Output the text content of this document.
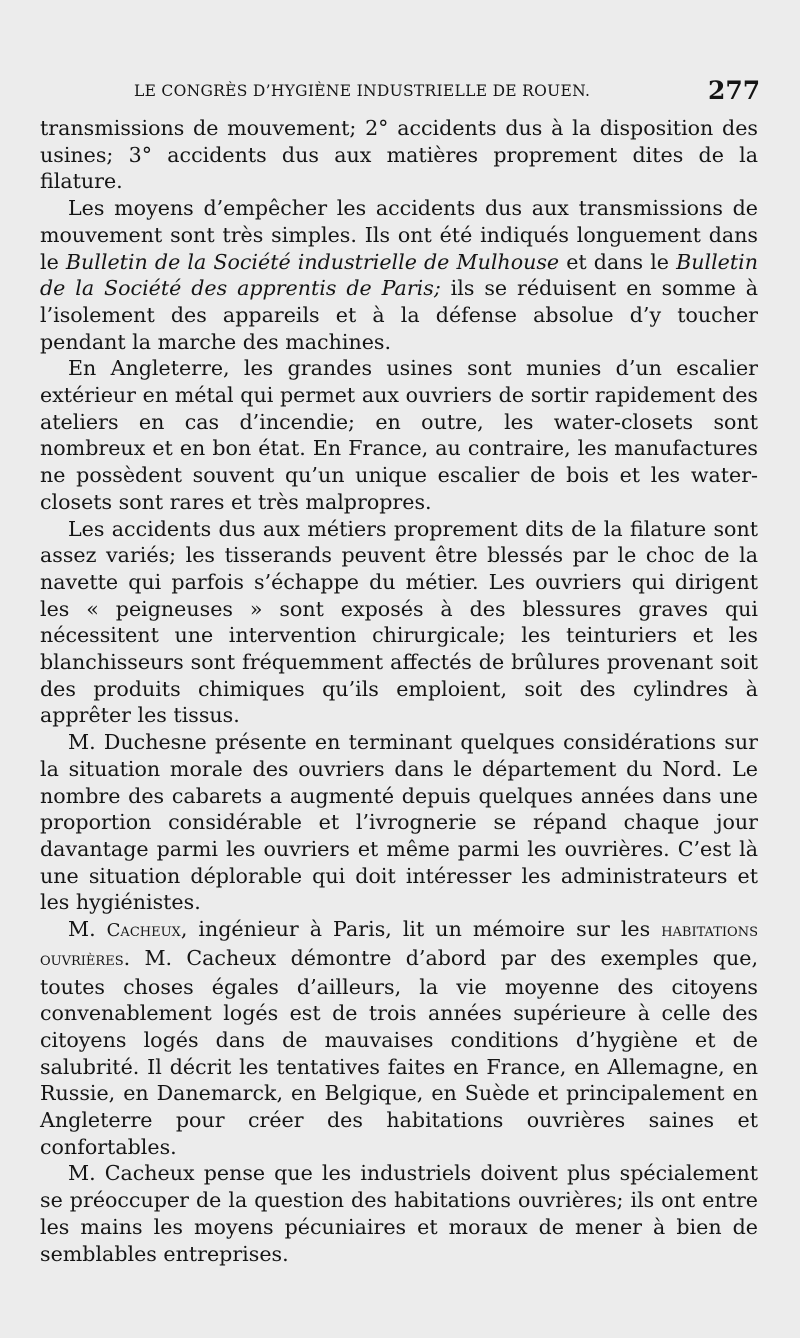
LE CONGRÈS D’HYGIÈNE INDUSTRIELLE DE ROUEN.	277

transmissions de mouvement; 2° accidents dus à la disposition des usines; 3° accidents dus aux matières proprement dites de la filature.

Les moyens d’empêcher les accidents dus aux transmissions de mouvement sont très simples. Ils ont été indiqués longuement dans le Bulletin de la Société industrielle de Mulhouse et dans le Bulletin de la Société des apprentis de Paris; ils se réduisent en somme à l’isolement des appareils et à la défense absolue d’y toucher pendant la marche des machines.

En Angleterre, les grandes usines sont munies d’un escalier extérieur en métal qui permet aux ouvriers de sortir rapidement des ateliers en cas d’incendie; en outre, les water-closets sont nombreux et en bon état. En France, au contraire, les manufactures ne possèdent souvent qu’un unique escalier de bois et les water-closets sont rares et très malpropres.

Les accidents dus aux métiers proprement dits de la filature sont assez variés; les tisserands peuvent être blessés par le choc de la navette qui parfois s’échappe du métier. Les ouvriers qui dirigent les « peigneuses » sont exposés à des blessures graves qui nécessitent une intervention chirurgicale; les teinturiers et les blanchisseurs sont fréquemment affectés de brûlures provenant soit des produits chimiques qu’ils emploient, soit des cylindres à apprêter les tissus.

M. Duchesne présente en terminant quelques considérations sur la situation morale des ouvriers dans le département du Nord. Le nombre des cabarets a augmenté depuis quelques années dans une proportion considérable et l’ivrognerie se répand chaque jour davantage parmi les ouvriers et même parmi les ouvrières. C’est là une situation déplorable qui doit intéresser les administrateurs et les hygiénistes.

M. Cacheux, ingénieur à Paris, lit un mémoire sur les habitations ouvrières. M. Cacheux démontre d’abord par des exemples que, toutes choses égales d’ailleurs, la vie moyenne des citoyens convenablement logés est de trois années supérieure à celle des citoyens logés dans de mauvaises conditions d’hygiène et de salubrité. Il décrit les tentatives faites en France, en Allemagne, en Russie, en Danemarck, en Belgique, en Suède et principalement en Angleterre pour créer des habitations ouvrières saines et confortables.

M. Cacheux pense que les industriels doivent plus spécialement se préoccuper de la question des habitations ouvrières; ils ont entre les mains les moyens pécuniaires et moraux de mener à bien de semblables entreprises.
